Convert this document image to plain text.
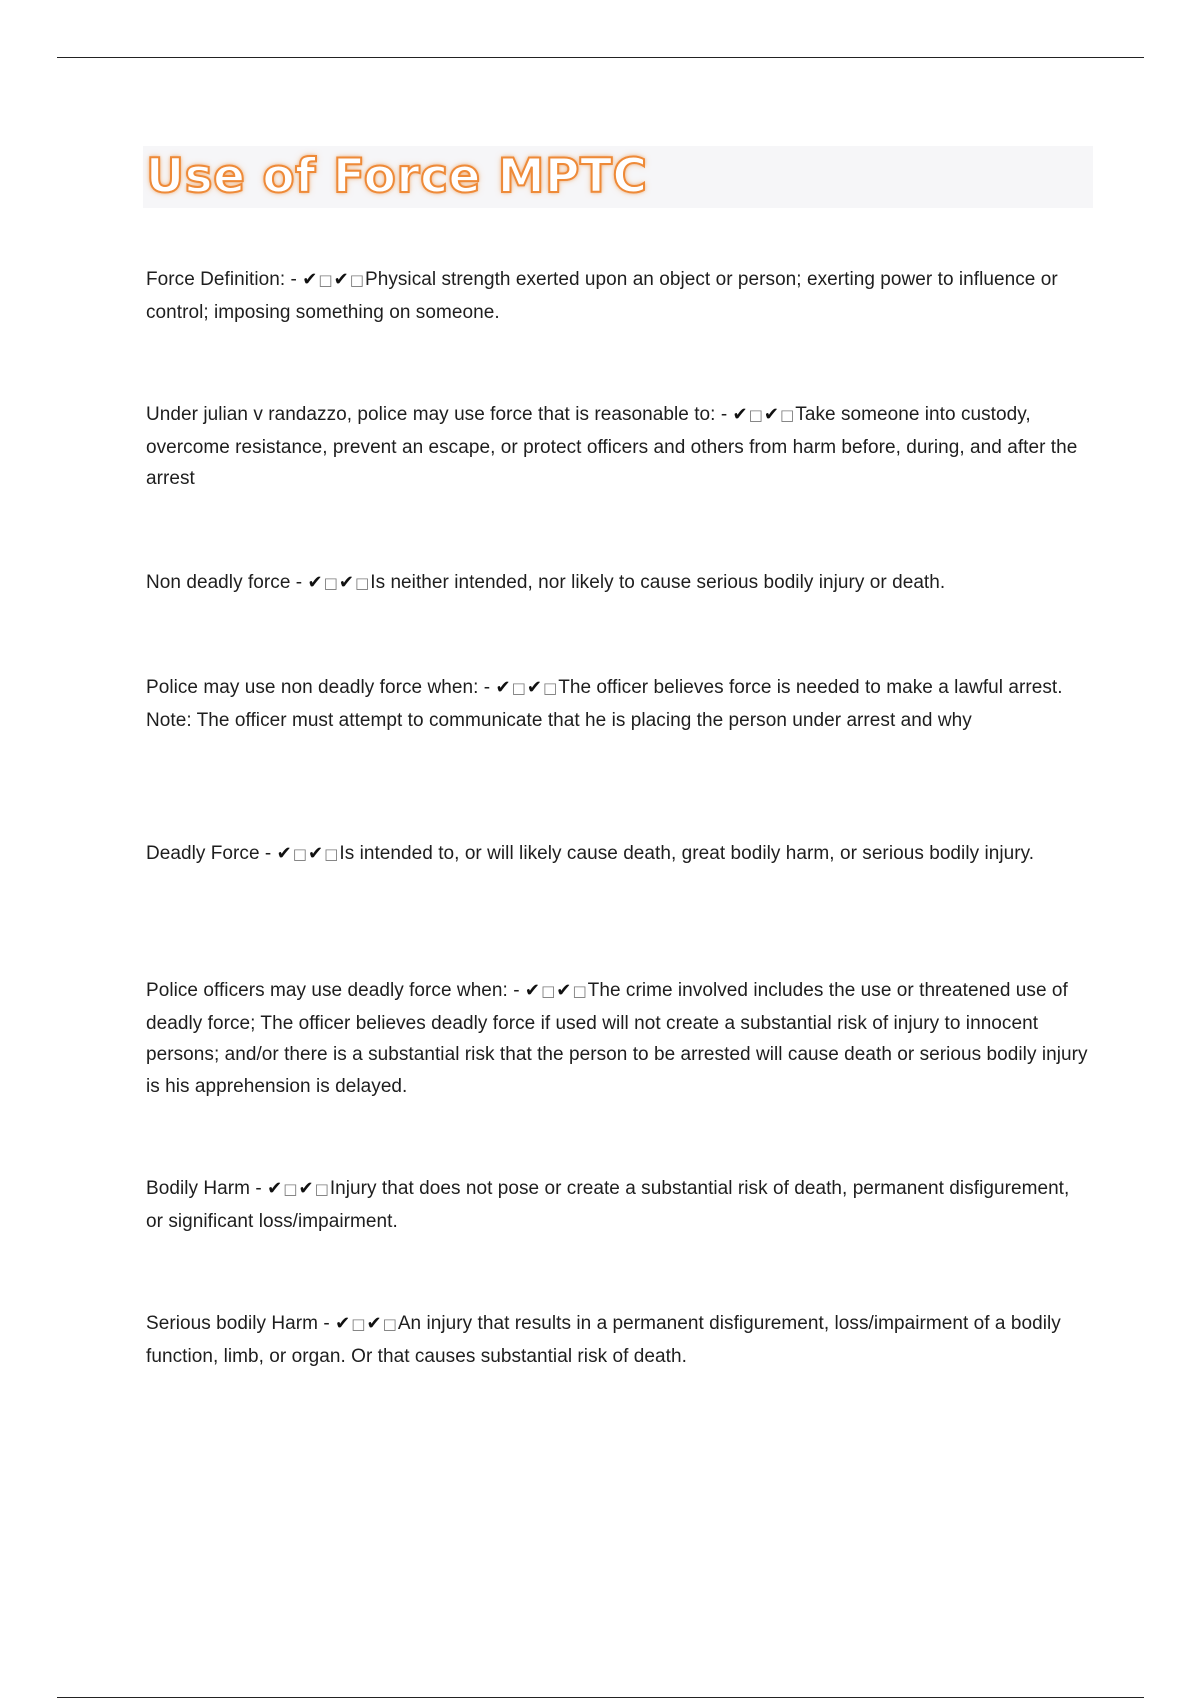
Use of Force MPTC

Force Definition: - ✔□✔□Physical strength exerted upon an object or person; exerting power to influence or control; imposing something on someone.

Under julian v randazzo, police may use force that is reasonable to: - ✔□✔□Take someone into custody, overcome resistance, prevent an escape, or protect officers and others from harm before, during, and after the arrest

Non deadly force - ✔□✔□Is neither intended, nor likely to cause serious bodily injury or death.

Police may use non deadly force when: - ✔□✔□The officer believes force is needed to make a lawful arrest. Note: The officer must attempt to communicate that he is placing the person under arrest and why

Deadly Force - ✔□✔□Is intended to, or will likely cause death, great bodily harm, or serious bodily injury.

Police officers may use deadly force when: - ✔□✔□The crime involved includes the use or threatened use of deadly force; The officer believes deadly force if used will not create a substantial risk of injury to innocent persons; and/or there is a substantial risk that the person to be arrested will cause death or serious bodily injury is his apprehension is delayed.

Bodily Harm - ✔□✔□Injury that does not pose or create a substantial risk of death, permanent disfigurement, or significant loss/impairment.

Serious bodily Harm - ✔□✔□An injury that results in a permanent disfigurement, loss/impairment of a bodily function, limb, or organ. Or that causes substantial risk of death.
